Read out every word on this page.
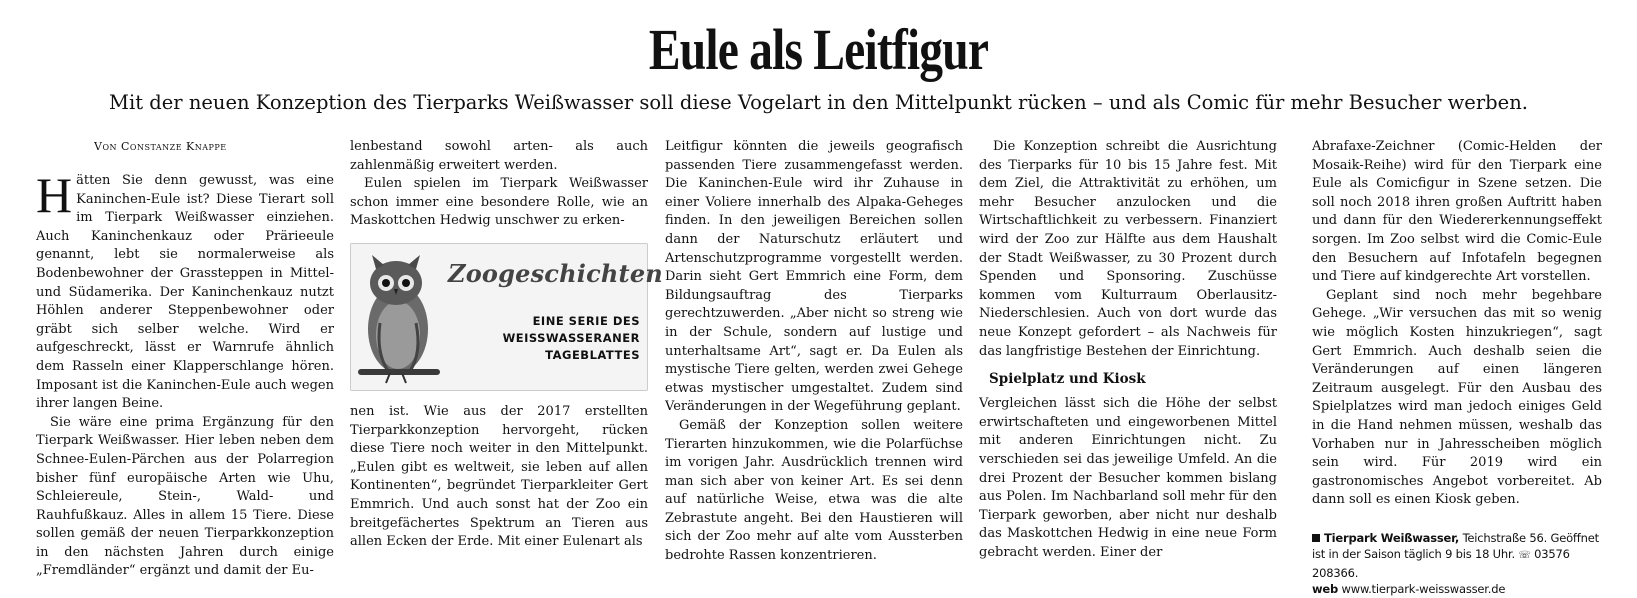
Eule als Leitfigur
Mit der neuen Konzeption des Tierparks Weißwasser soll diese Vogelart in den Mittelpunkt rücken – und als Comic für mehr Besucher werben.
Von Constanze Knappe

Hätten Sie denn gewusst, was eine Kaninchen-Eule ist? Diese Tierart soll im Tierpark Weißwasser einziehen. Auch Kaninchenkauz oder Prärieeule genannt, lebt sie normalerweise als Bodenbewohner der Grassteppen in Mittel- und Südamerika. Der Kaninchenkauz nutzt Höhlen anderer Steppenbewohner oder gräbt sich selber welche. Wird er aufgeschreckt, lässt er Warnrufe ähnlich dem Rasseln einer Klapperschlange hören. Imposant ist die Kaninchen-Eule auch wegen ihrer langen Beine.

Sie wäre eine prima Ergänzung für den Tierpark Weißwasser. Hier leben neben dem Schnee-Eulen-Pärchen aus der Polarregion bisher fünf europäische Arten wie Uhu, Schleiereule, Stein-, Wald- und Rauhfußkauz. Alles in allem 15 Tiere. Diese sollen gemäß der neuen Tierparkkonzeption in den nächsten Jahren durch einige „Fremdländer“ ergänzt und damit der Eu-

lenbestand sowohl arten- als auch zahlenmäßig erweitert werden.

Eulen spielen im Tierpark Weißwasser schon immer eine besondere Rolle, wie an Maskottchen Hedwig unschwer zu erken-

Zoogeschichten
EINE SERIE DES
WEISSWASSERANER
TAGEBLATTES

nen ist. Wie aus der 2017 erstellten Tierparkkonzeption hervorgeht, rücken diese Tiere noch weiter in den Mittelpunkt. „Eulen gibt es weltweit, sie leben auf allen Kontinenten“, begründet Tierparkleiter Gert Emmrich. Und auch sonst hat der Zoo ein breitgefächertes Spektrum an Tieren aus allen Ecken der Erde. Mit einer Eulenart als

Leitfigur könnten die jeweils geografisch passenden Tiere zusammengefasst werden. Die Kaninchen-Eule wird ihr Zuhause in einer Voliere innerhalb des Alpaka-Geheges finden. In den jeweiligen Bereichen sollen dann der Naturschutz erläutert und Artenschutzprogramme vorgestellt werden. Darin sieht Gert Emmrich eine Form, dem Bildungsauftrag des Tierparks gerechtzuwerden. „Aber nicht so streng wie in der Schule, sondern auf lustige und unterhaltsame Art“, sagt er. Da Eulen als mystische Tiere gelten, werden zwei Gehege etwas mystischer umgestaltet. Zudem sind Veränderungen in der Wegeführung geplant.

Gemäß der Konzeption sollen weitere Tierarten hinzukommen, wie die Polarfüchse im vorigen Jahr. Ausdrücklich trennen wird man sich aber von keiner Art. Es sei denn auf natürliche Weise, etwa was die alte Zebrastute angeht. Bei den Haustieren will sich der Zoo mehr auf alte vom Aussterben bedrohte Rassen konzentrieren.

Die Konzeption schreibt die Ausrichtung des Tierparks für 10 bis 15 Jahre fest. Mit dem Ziel, die Attraktivität zu erhöhen, um mehr Besucher anzulocken und die Wirtschaftlichkeit zu verbessern. Finanziert wird der Zoo zur Hälfte aus dem Haushalt der Stadt Weißwasser, zu 30 Prozent durch Spenden und Sponsoring. Zuschüsse kommen vom Kulturraum Oberlausitz-Niederschlesien. Auch von dort wurde das neue Konzept gefordert – als Nachweis für das langfristige Bestehen der Einrichtung.

Spielplatz und Kiosk

Vergleichen lässt sich die Höhe der selbst erwirtschafteten und eingeworbenen Mittel mit anderen Einrichtungen nicht. Zu verschieden sei das jeweilige Umfeld. An die drei Prozent der Besucher kommen bislang aus Polen. Im Nachbarland soll mehr für den Tierpark geworben, aber nicht nur deshalb das Maskottchen Hedwig in eine neue Form gebracht werden. Einer der

Abrafaxe-Zeichner (Comic-Helden der Mosaik-Reihe) wird für den Tierpark eine Eule als Comicfigur in Szene setzen. Die soll noch 2018 ihren großen Auftritt haben und dann für den Wiedererkennungseffekt sorgen. Im Zoo selbst wird die Comic-Eule den Besuchern auf Infotafeln begegnen und Tiere auf kindgerechte Art vorstellen.

Geplant sind noch mehr begehbare Gehege. „Wir versuchen das mit so wenig wie möglich Kosten hinzukriegen“, sagt Gert Emmrich. Auch deshalb seien die Veränderungen auf einen längeren Zeitraum ausgelegt. Für den Ausbau des Spielplatzes wird man jedoch einiges Geld in die Hand nehmen müssen, weshalb das Vorhaben nur in Jahresscheiben möglich sein wird. Für 2019 wird ein gastronomisches Angebot vorbereitet. Ab dann soll es einen Kiosk geben.

Tierpark Weißwasser, Teichstraße 56. Geöffnet ist in der Saison täglich 9 bis 18 Uhr. ☏ 03576 208366.
web www.tierpark-weisswasser.de
